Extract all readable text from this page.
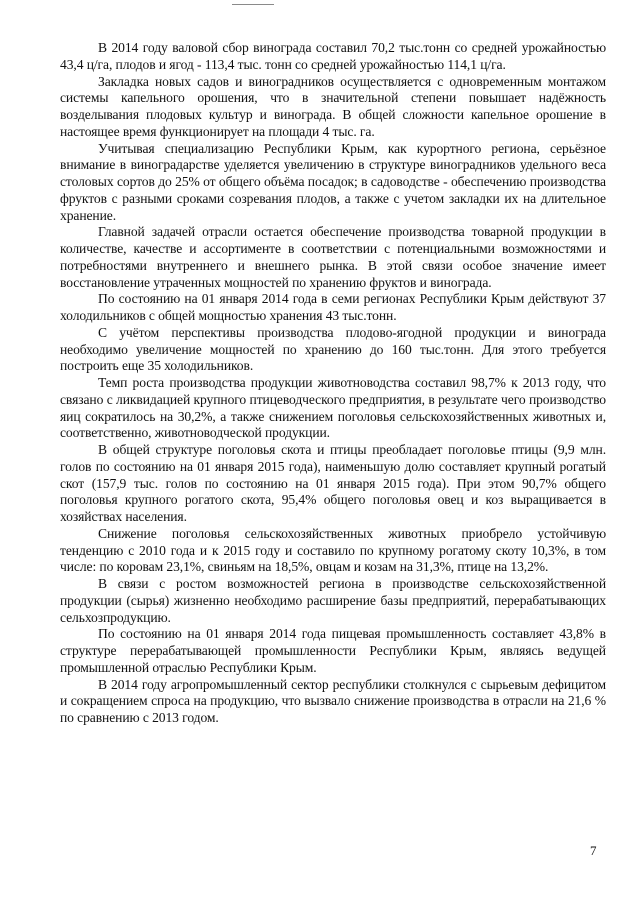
В 2014 году валовой сбор винограда составил 70,2 тыс.тонн со средней урожайностью 43,4 ц/га, плодов и ягод - 113,4 тыс. тонн со средней урожайностью 114,1 ц/га.

Закладка новых садов и виноградников осуществляется с одновременным монтажом системы капельного орошения, что в значительной степени повышает надёжность возделывания плодовых культур и винограда. В общей сложности капельное орошение в настоящее время функционирует на площади 4 тыс. га.

Учитывая специализацию Республики Крым, как курортного региона, серьёзное внимание в виноградарстве уделяется увеличению в структуре виноградников удельного веса столовых сортов до 25% от общего объёма посадок; в садоводстве - обеспечению производства фруктов с разными сроками созревания плодов, а также с учетом закладки их на длительное хранение.

Главной задачей отрасли остается обеспечение производства товарной продукции в количестве, качестве и ассортименте в соответствии с потенциальными возможностями и потребностями внутреннего и внешнего рынка. В этой связи особое значение имеет восстановление утраченных мощностей по хранению фруктов и винограда.

По состоянию на 01 января 2014 года в семи регионах Республики Крым действуют 37 холодильников с общей мощностью хранения 43 тыс.тонн.

С учётом перспективы производства плодово-ягодной продукции и винограда необходимо увеличение мощностей по хранению до 160 тыс.тонн. Для этого требуется построить еще 35 холодильников.

Темп роста производства продукции животноводства составил 98,7% к 2013 году, что связано с ликвидацией крупного птицеводческого предприятия, в результате чего производство яиц сократилось на 30,2%, а также снижением поголовья сельскохозяйственных животных и, соответственно, животноводческой продукции.

В общей структуре поголовья скота и птицы преобладает поголовье птицы (9,9 млн. голов по состоянию на 01 января 2015 года), наименьшую долю составляет крупный рогатый скот (157,9 тыс. голов по состоянию на 01 января 2015 года). При этом 90,7% общего поголовья крупного рогатого скота, 95,4% общего поголовья овец и коз выращивается в хозяйствах населения.

Снижение поголовья сельскохозяйственных животных приобрело устойчивую тенденцию с 2010 года и к 2015 году и составило по крупному рогатому скоту 10,3%, в том числе: по коровам 23,1%, свиньям на 18,5%, овцам и козам на 31,3%, птице на 13,2%.

В связи с ростом возможностей региона в производстве сельскохозяйственной продукции (сырья) жизненно необходимо расширение базы предприятий, перерабатывающих сельхозпродукцию.

По состоянию на 01 января 2014 года пищевая промышленность составляет 43,8% в структуре перерабатывающей промышленности Республики Крым, являясь ведущей промышленной отраслью Республики Крым.

В 2014 году агропромышленный сектор республики столкнулся с сырьевым дефицитом и сокращением спроса на продукцию, что вызвало снижение производства в отрасли на 21,6 % по сравнению с 2013 годом.

7
